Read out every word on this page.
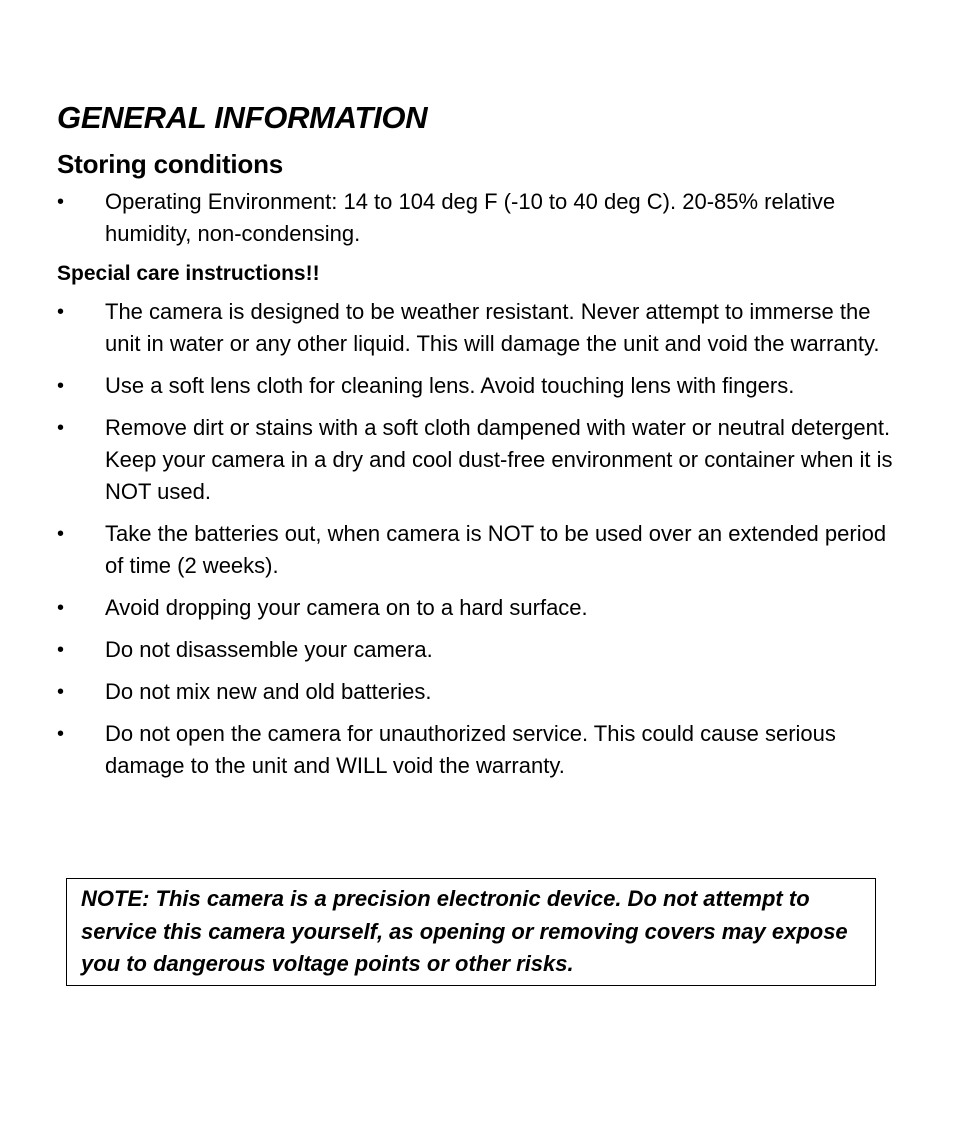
GENERAL INFORMATION
Storing conditions
•	Operating Environment: 14 to 104 deg F (-10 to 40 deg C). 20-85% relative humidity, non-condensing.
Special care instructions!!
•	The camera is designed to be weather resistant. Never attempt to immerse the unit in water or any other liquid. This will damage the unit and void the warranty.
•	Use a soft lens cloth for cleaning lens. Avoid touching lens with fingers.
•	Remove dirt or stains with a soft cloth dampened with water or neutral detergent. Keep your camera in a dry and cool dust-free environment or container when it is NOT used.
•	Take the batteries out, when camera is NOT to be used over an extended period of time (2 weeks).
•	Avoid dropping your camera on to a hard surface.
•	Do not disassemble your camera.
•	Do not mix new and old batteries.
•	Do not open the camera for unauthorized service. This could cause serious damage to the unit and WILL void the warranty.
NOTE: This camera is a precision electronic device. Do not attempt to service this camera yourself, as opening or removing covers may expose you to dangerous voltage points or other risks.
